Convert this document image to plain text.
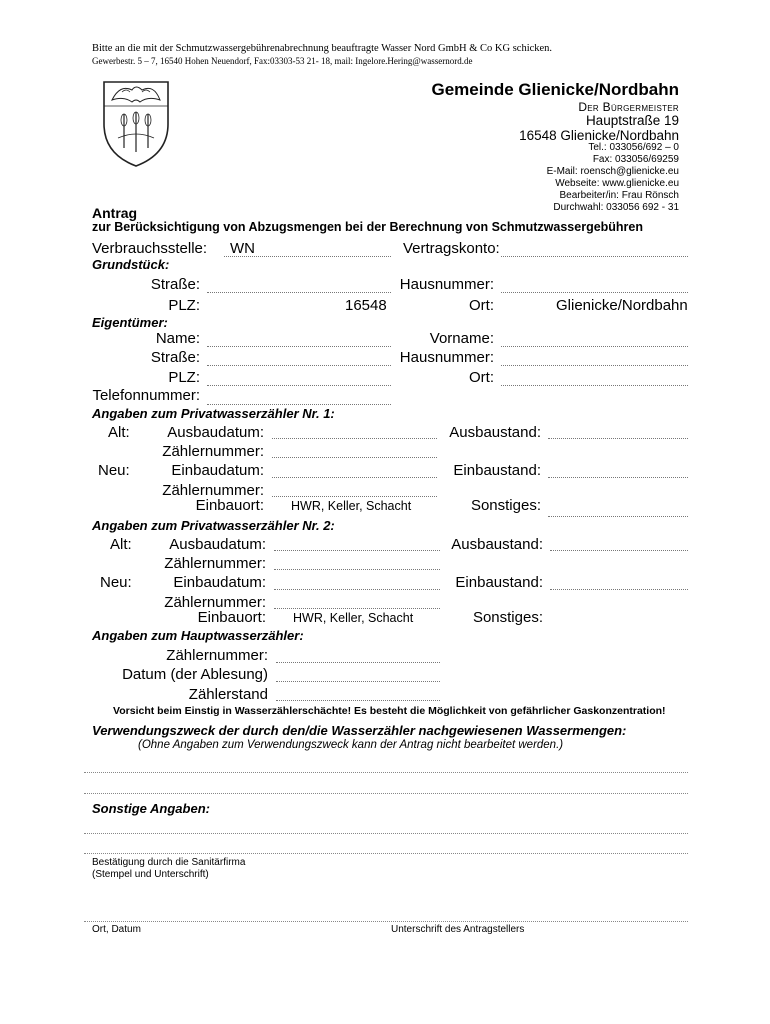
Bitte an die mit der Schmutzwassergebührenabrechnung beauftragte Wasser Nord GmbH & Co KG schicken.
Gewerbestr. 5 – 7, 16540 Hohen Neuendorf, Fax:03303-53 21- 18, mail: Ingelore.Hering@wassernord.de
Gemeinde Glienicke/Nordbahn
Der Bürgermeister
Hauptstraße 19
16548 Glienicke/Nordbahn
Tel.: 033056/692 – 0
Fax: 033056/69259
E-Mail: roensch@glienicke.eu
Webseite: www.glienicke.eu
Bearbeiter/in: Frau Rönsch
Durchwahl: 033056 692 - 31
Antrag
zur Berücksichtigung von Abzugsmengen bei der Berechnung von Schmutzwassergebühren
Verbrauchsstelle: WN	Vertragskonto:
Grundstück:
Straße:	Hausnummer:
PLZ:	16548	Ort:	Glienicke/Nordbahn
Eigentümer:
Name:	Vorname:
Straße:	Hausnummer:
PLZ:	Ort:
Telefonnummer:
Angaben zum Privatwasserzähler Nr. 1:
Alt:	Ausbaudatum:	Ausbaustand:
Zählernummer:
Neu:	Einbaudatum:	Einbaustand:
Zählernummer:
Einbauort: HWR, Keller, Schacht	Sonstiges:
Angaben zum Privatwasserzähler Nr. 2:
Alt:	Ausbaudatum:	Ausbaustand:
Zählernummer:
Neu:	Einbaudatum:	Einbaustand:
Zählernummer:
Einbauort: HWR, Keller, Schacht	Sonstiges:
Angaben zum Hauptwasserzähler:
Zählernummer:
Datum (der Ablesung)
Zählerstand
Vorsicht beim Einstig in Wasserzählerschächte! Es besteht die Möglichkeit von gefährlicher Gaskonzentration!
Verwendungszweck der durch den/die Wasserzähler nachgewiesenen Wassermengen:
(Ohne Angaben zum Verwendungszweck kann der Antrag nicht bearbeitet werden.)
Sonstige Angaben:
Bestätigung durch die Sanitärfirma
(Stempel und Unterschrift)
Ort, Datum	Unterschrift des Antragstellers
